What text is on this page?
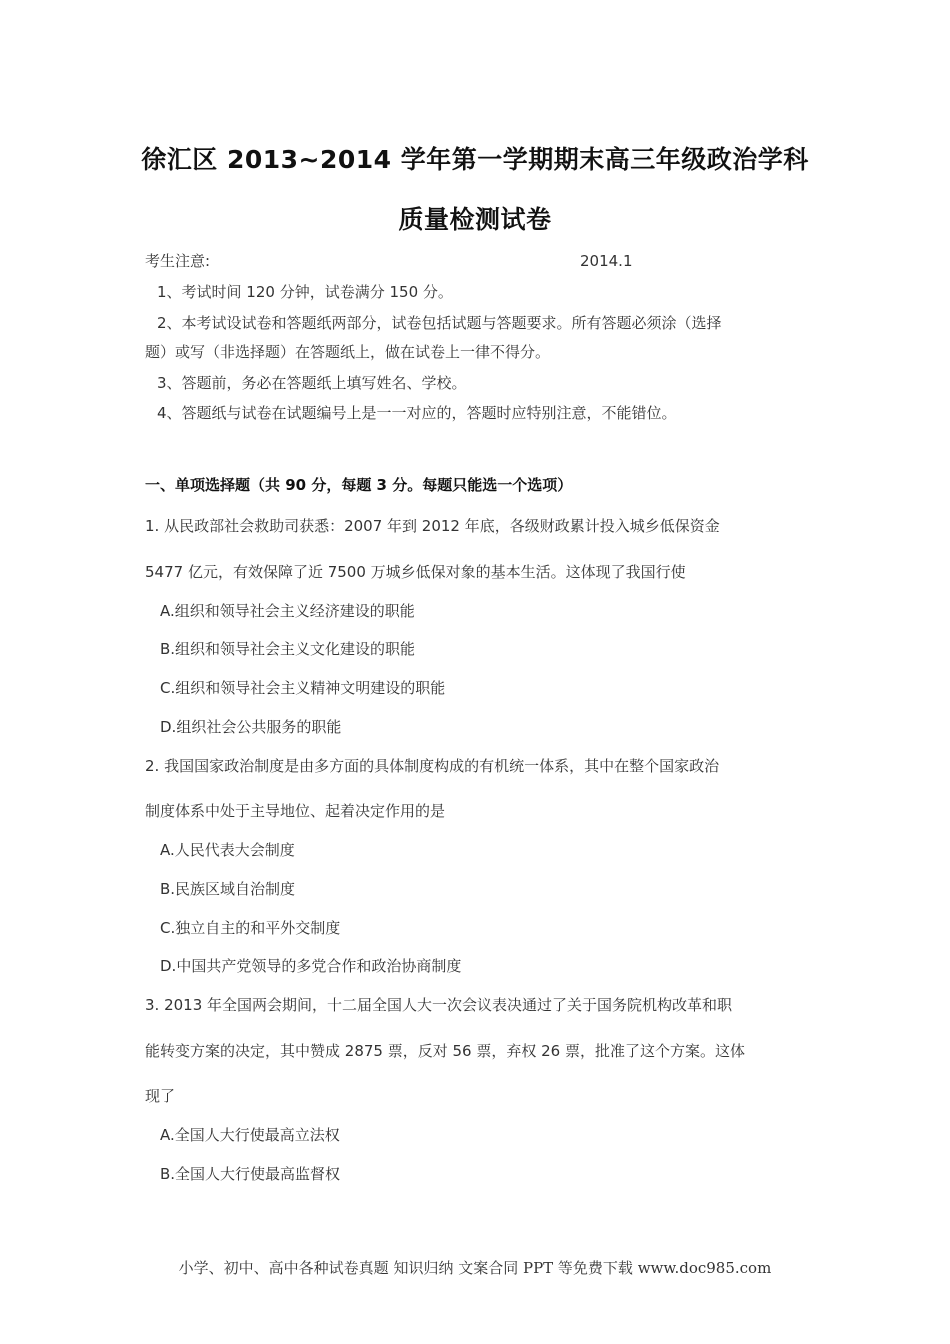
徐汇区 2013~2014 学年第一学期期末高三年级政治学科
质量检测试卷
考生注意:	2014.1
1、考试时间 120 分钟，试卷满分 150 分。
2、本考试设试卷和答题纸两部分，试卷包括试题与答题要求。所有答题必须涂（选择
题）或写（非选择题）在答题纸上，做在试卷上一律不得分。
3、答题前，务必在答题纸上填写姓名、学校。
4、答题纸与试卷在试题编号上是一一对应的，答题时应特别注意，不能错位。
一、单项选择题（共 90 分，每题 3 分。每题只能选一个选项）
1. 从民政部社会救助司获悉：2007 年到 2012 年底，各级财政累计投入城乡低保资金
5477 亿元，有效保障了近 7500 万城乡低保对象的基本生活。这体现了我国行使
A.组织和领导社会主义经济建设的职能
B.组织和领导社会主义文化建设的职能
C.组织和领导社会主义精神文明建设的职能
D.组织社会公共服务的职能
2. 我国国家政治制度是由多方面的具体制度构成的有机统一体系，其中在整个国家政治
制度体系中处于主导地位、起着决定作用的是
A.人民代表大会制度
B.民族区域自治制度
C.独立自主的和平外交制度
D.中国共产党领导的多党合作和政治协商制度
3. 2013 年全国两会期间，十二届全国人大一次会议表决通过了关于国务院机构改革和职
能转变方案的决定，其中赞成 2875 票，反对 56 票，弃权 26 票，批准了这个方案。这体
现了
A.全国人大行使最高立法权
B.全国人大行使最高监督权
小学、初中、高中各种试卷真题 知识归纳 文案合同 PPT 等免费下载 www.doc985.com
